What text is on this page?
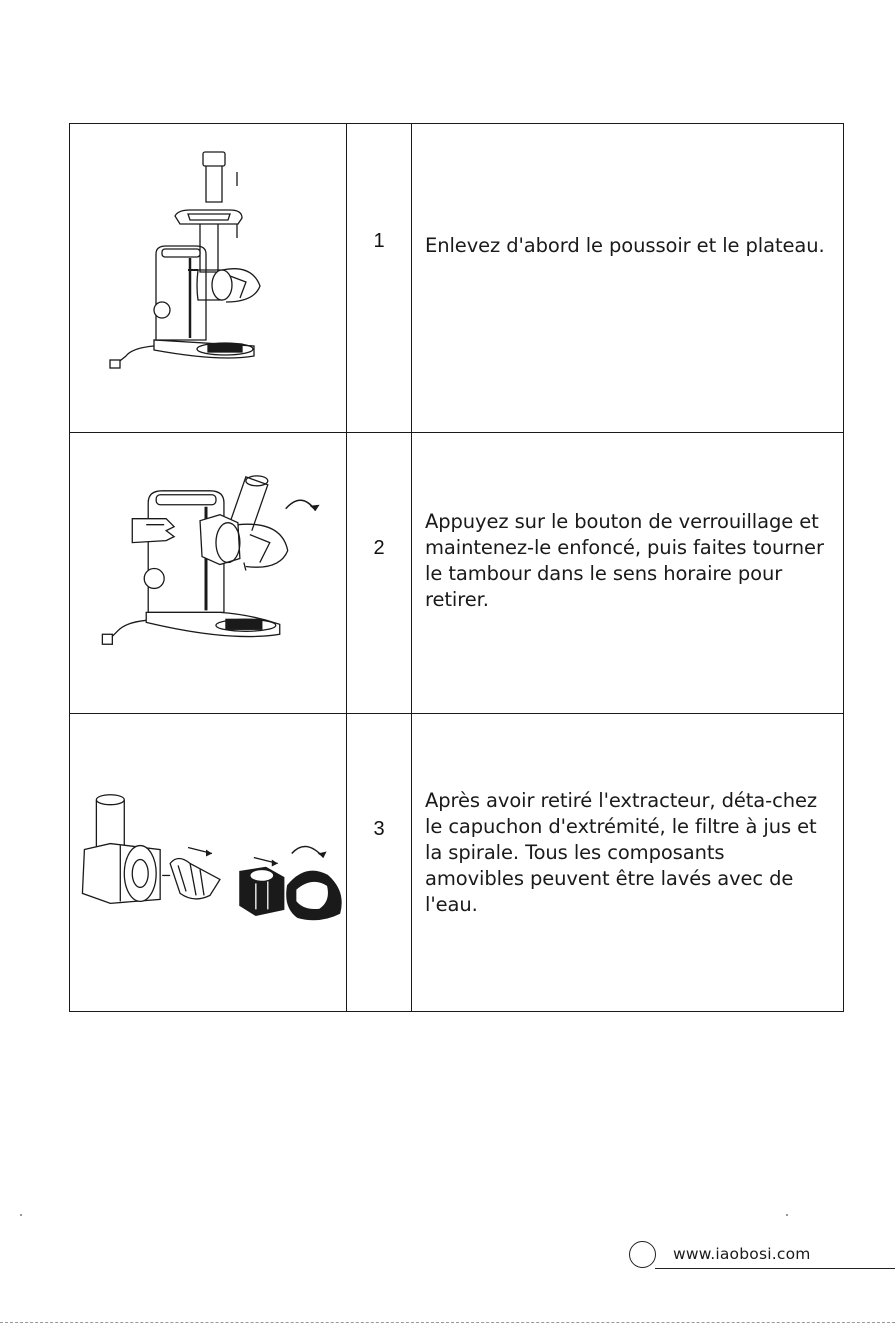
1	Enlevez d'abord le poussoir et le plateau.
2
Appuyez sur le bouton de verrouillage et maintenez-le enfoncé, puis faites tourner le tambour dans le sens horaire pour retirer.
3
Après avoir retiré l'extracteur, déta-chez le capuchon d'extrémité, le filtre à jus et la spirale. Tous les composants amovibles peuvent être lavés avec de l'eau.
www.iaobosi.com
